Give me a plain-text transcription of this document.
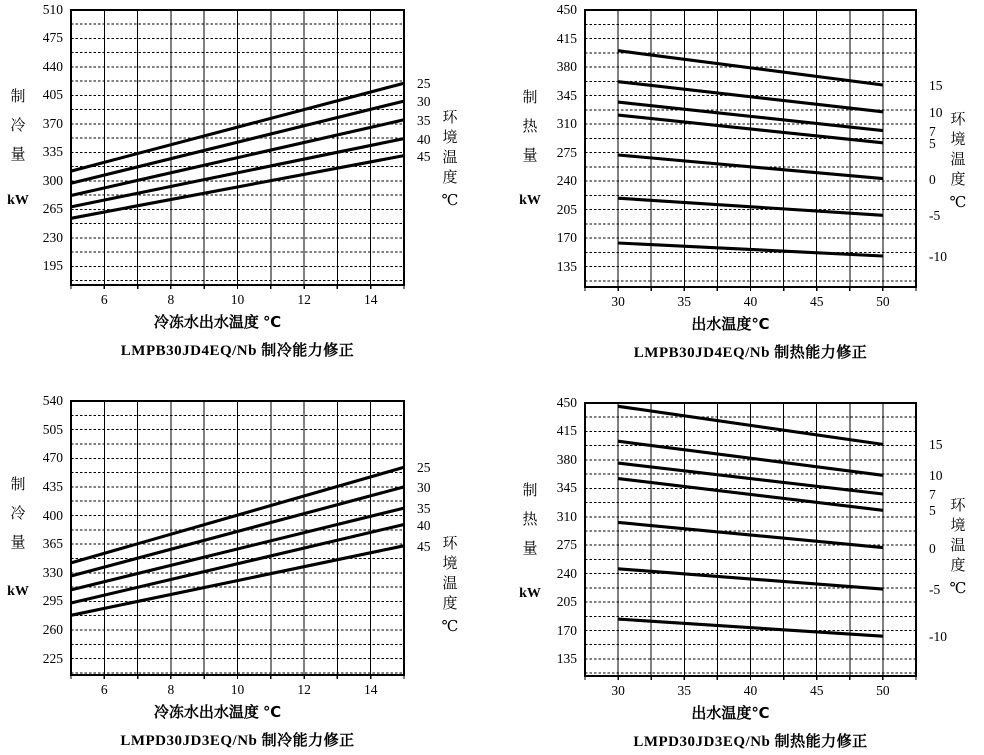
制
冷
量
kW
510
475
440
405
370
335
300
265
230
195
6	8	10	12	14
25
30
35
40
45
环
境
温
度
℃
冷冻水出水温度 ℃
LMPB30JD4EQ/Nb 制冷能力修正
制
热
量
kW
450
415
380
345
310
275
240
205
170
135
30	35	40	45	50
15
10
7
5
0
-5
-10
环
境
温
度
℃
出水温度℃
LMPB30JD4EQ/Nb 制热能力修正
制
冷
量
kW
540
505
470
435
400
365
330
295
260
225
6	8	10	12	14
25
30
35
40
45 环
境
温
度
℃
冷冻水出水温度 ℃
LMPD30JD3EQ/Nb 制冷能力修正
制
热
量
kW
450
415
380
345
310
275
240
205
170
135
30	35	40	45	50
15
10
7
5
0
-5
-10
环
境
温
度
℃
出水温度℃
LMPD30JD3EQ/Nb 制热能力修正
